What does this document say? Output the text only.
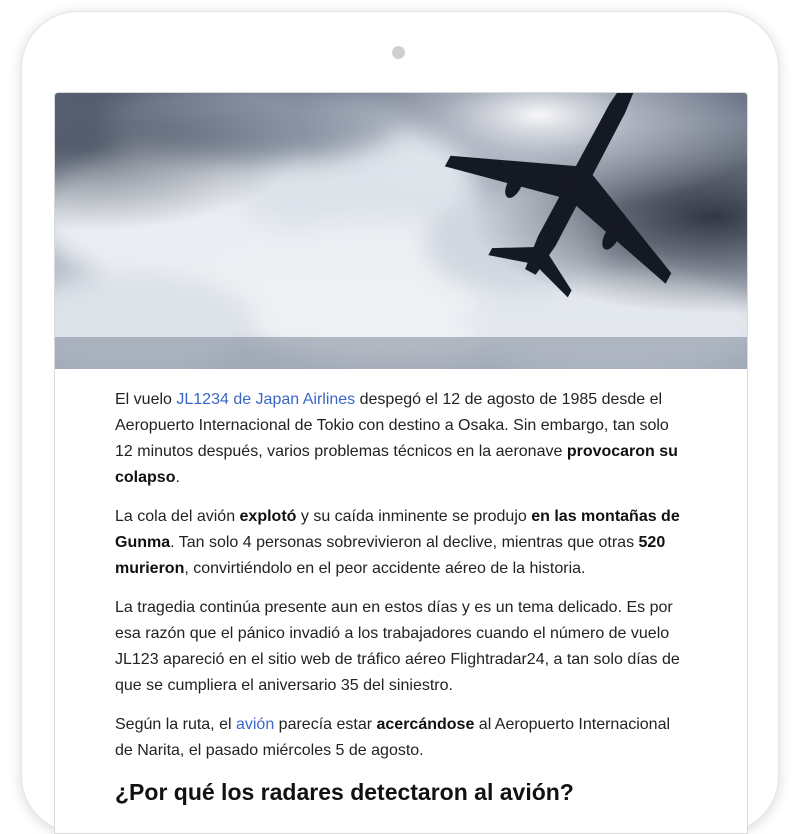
El vuelo JL1234 de Japan Airlines despegó el 12 de agosto de 1985 desde el Aeropuerto Internacional de Tokio con destino a Osaka. Sin embargo, tan solo 12 minutos después, varios problemas técnicos en la aeronave provocaron su colapso.

La cola del avión explotó y su caída inminente se produjo en las montañas de Gunma. Tan solo 4 personas sobrevivieron al declive, mientras que otras 520 murieron, convirtiéndolo en el peor accidente aéreo de la historia.

La tragedia continúa presente aun en estos días y es un tema delicado. Es por esa razón que el pánico invadió a los trabajadores cuando el número de vuelo JL123 apareció en el sitio web de tráfico aéreo Flightradar24, a tan solo días de que se cumpliera el aniversario 35 del siniestro.

Según la ruta, el avión parecía estar acercándose al Aeropuerto Internacional de Narita, el pasado miércoles 5 de agosto.

¿Por qué los radares detectaron al avión?
